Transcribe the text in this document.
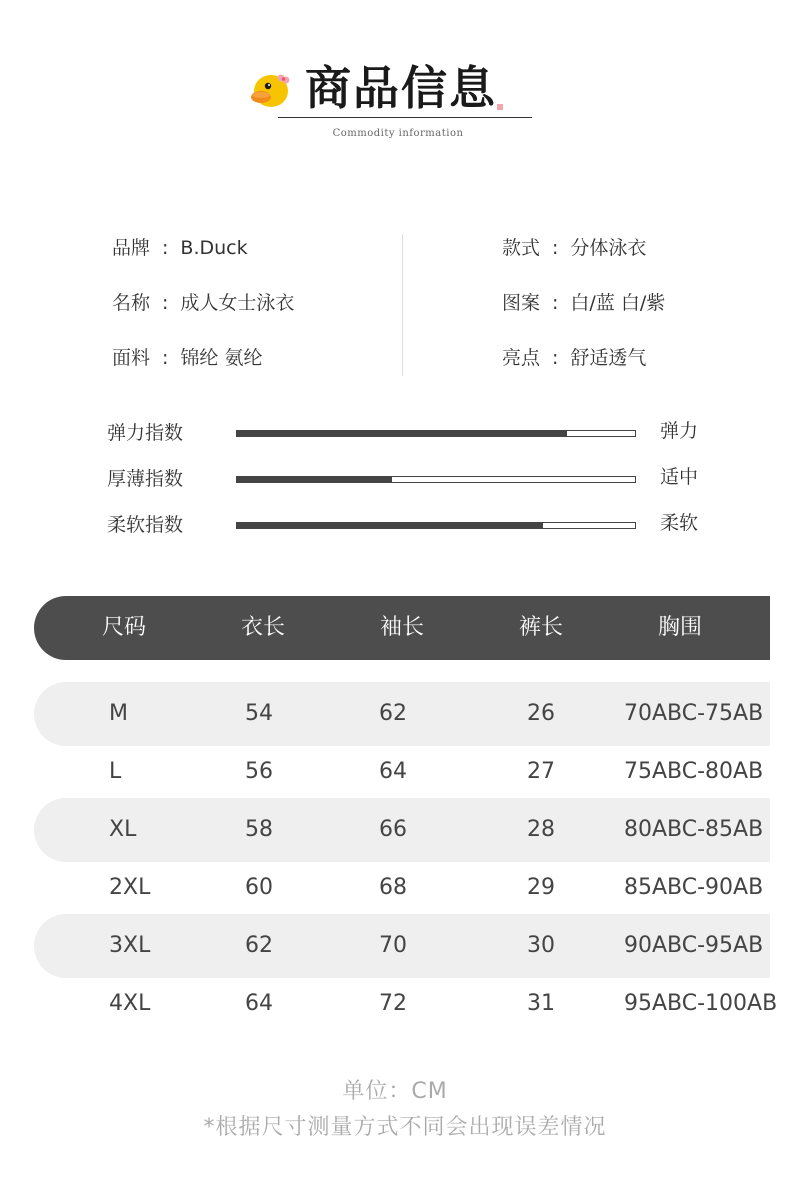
商品信息
Commodity information
品牌 : B.Duck
名称 : 成人女士泳衣
面料 : 锦纶 氨纶
款式 : 分体泳衣
图案 : 白/蓝 白/紫
亮点 : 舒适透气
弹力指数	弹力
厚薄指数	适中
柔软指数	柔软
尺码	衣长	袖长	裤长	胸围
M	54	62	26	70ABC-75AB
L	56	64	27	75ABC-80AB
XL	58	66	28	80ABC-85AB
2XL	60	68	29	85ABC-90AB
3XL	62	70	30	90ABC-95AB
4XL	64	72	31	95ABC-100AB
单位：CM
*根据尺寸测量方式不同会出现误差情况
